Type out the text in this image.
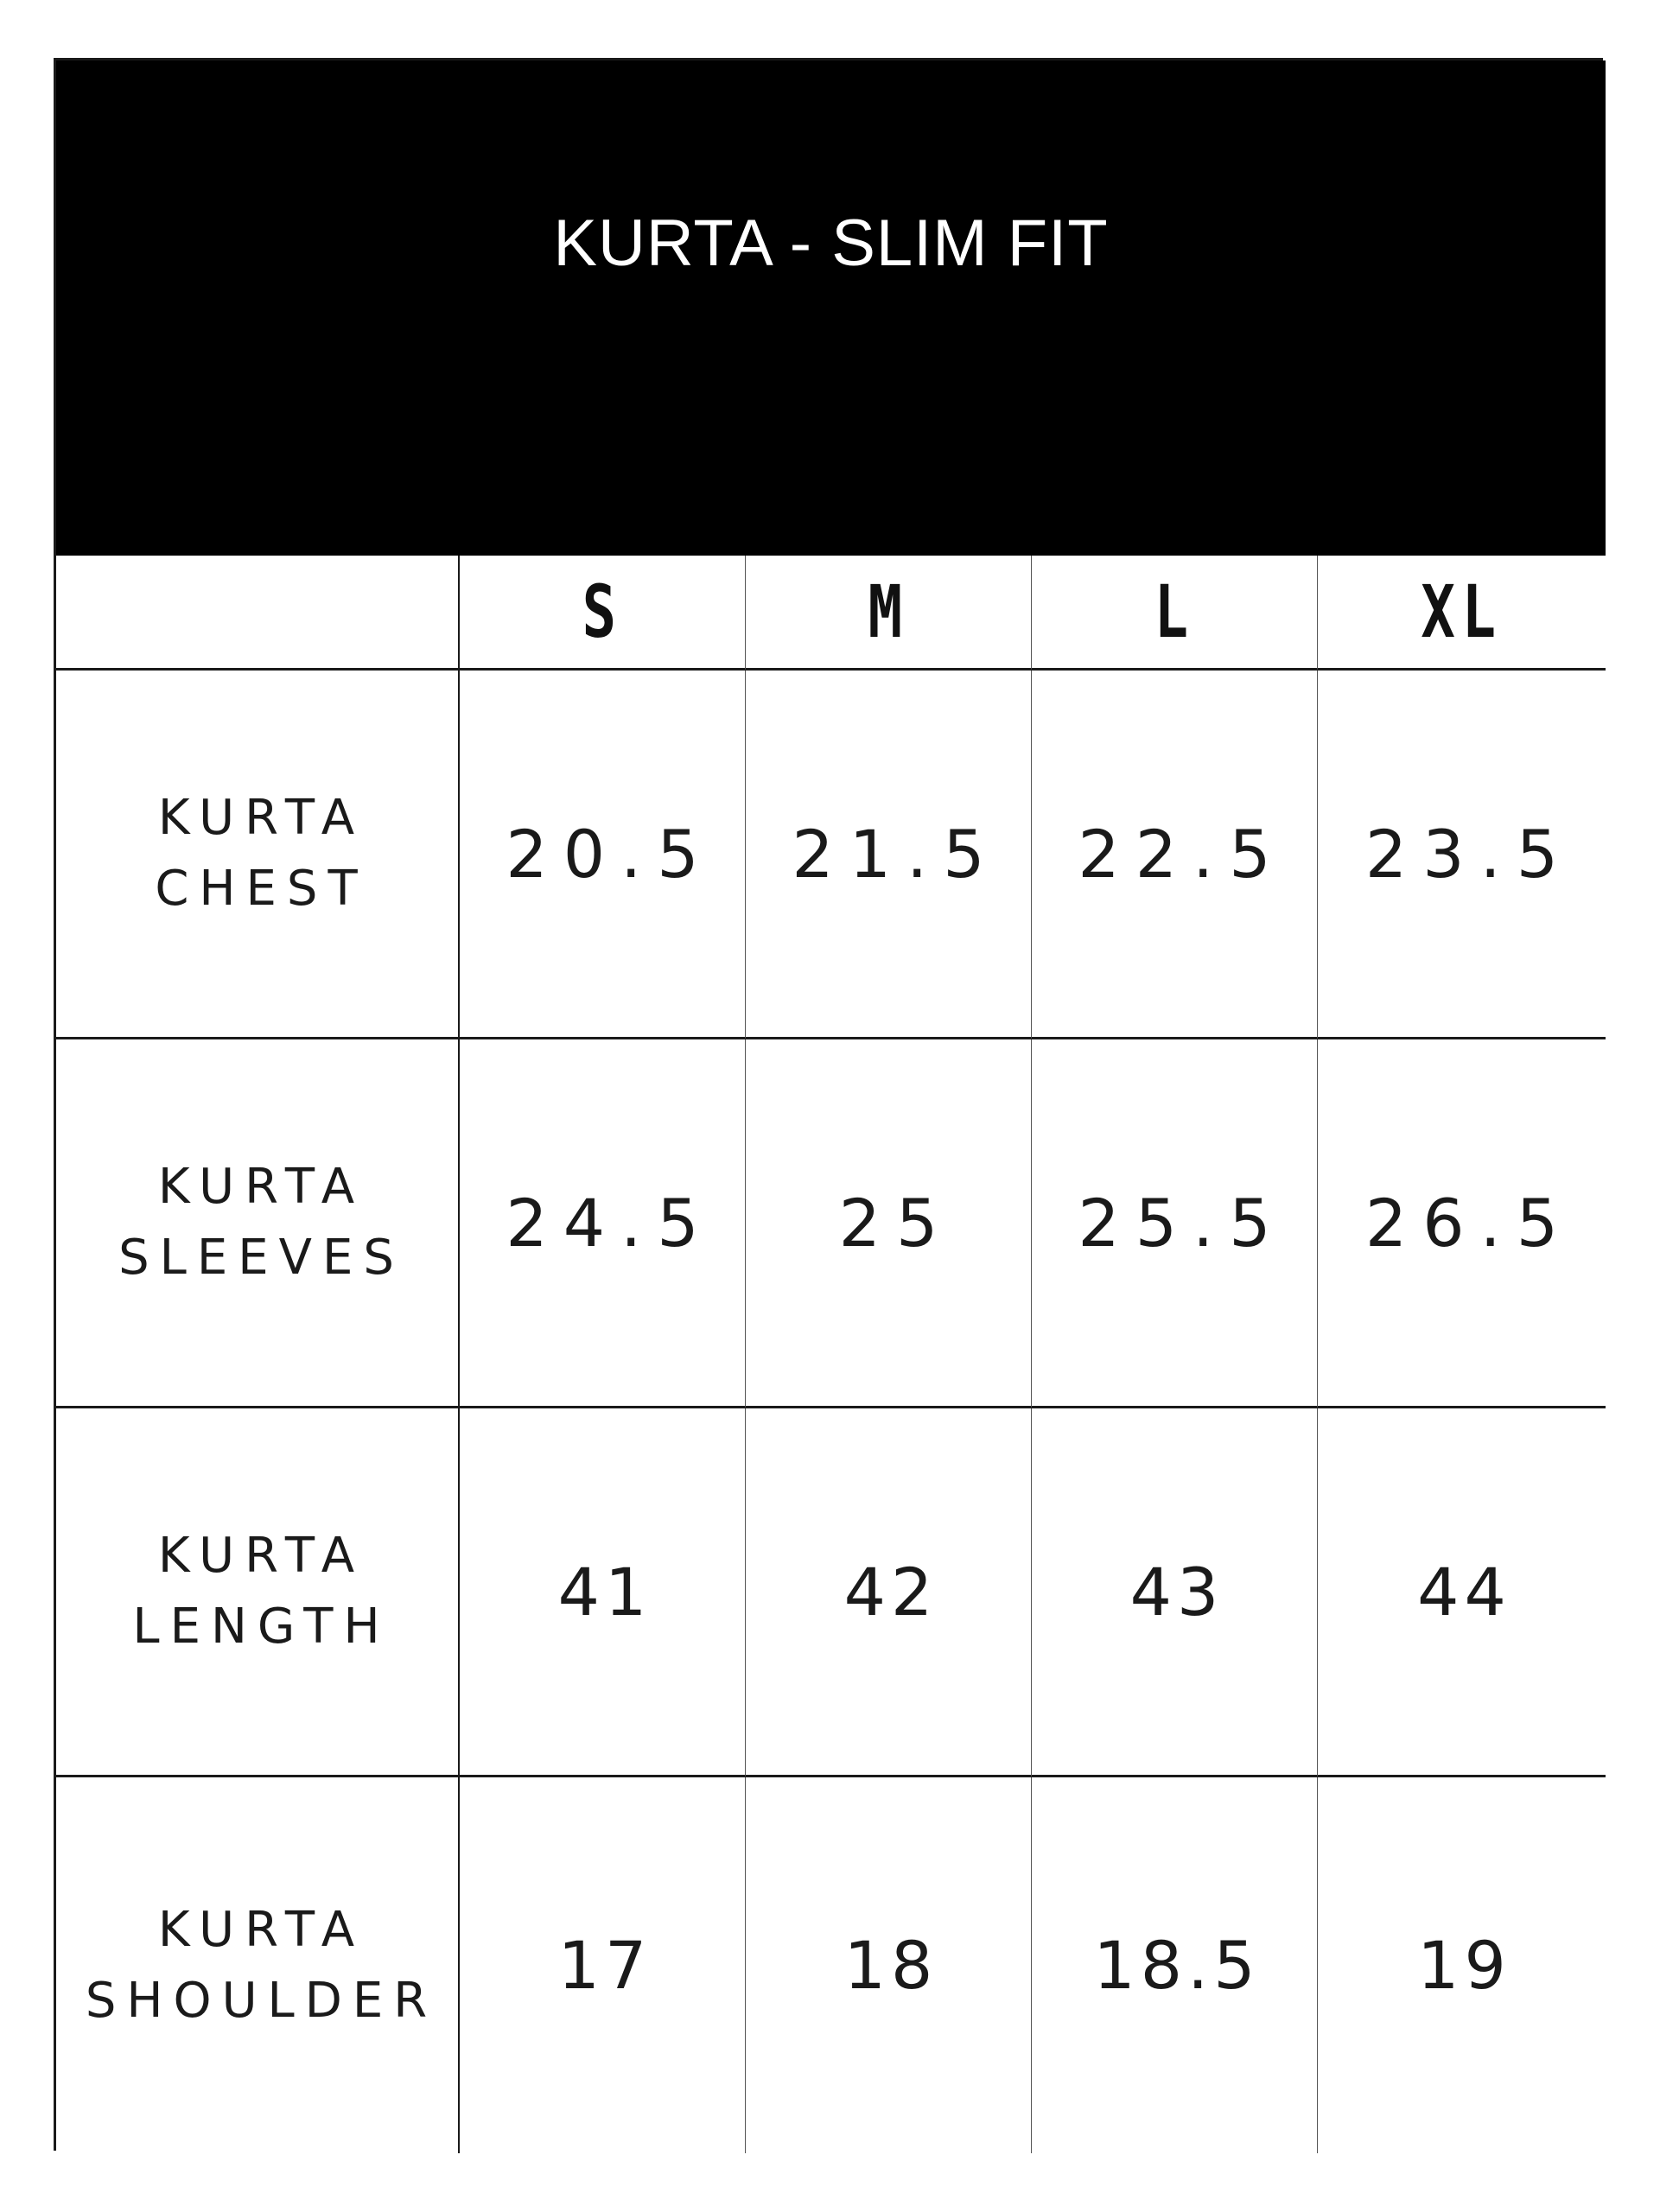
KURTA - SLIM FIT
S	M	L	XL
KURTA
CHEST 20.5 21.5 22.5 23.5
KURTA
SLEEVES 24.5 25 25.5 26.5
KURTA
LENGTH	41	42	43	44
KURTA
SHOULDER 17	18 18.5 19
